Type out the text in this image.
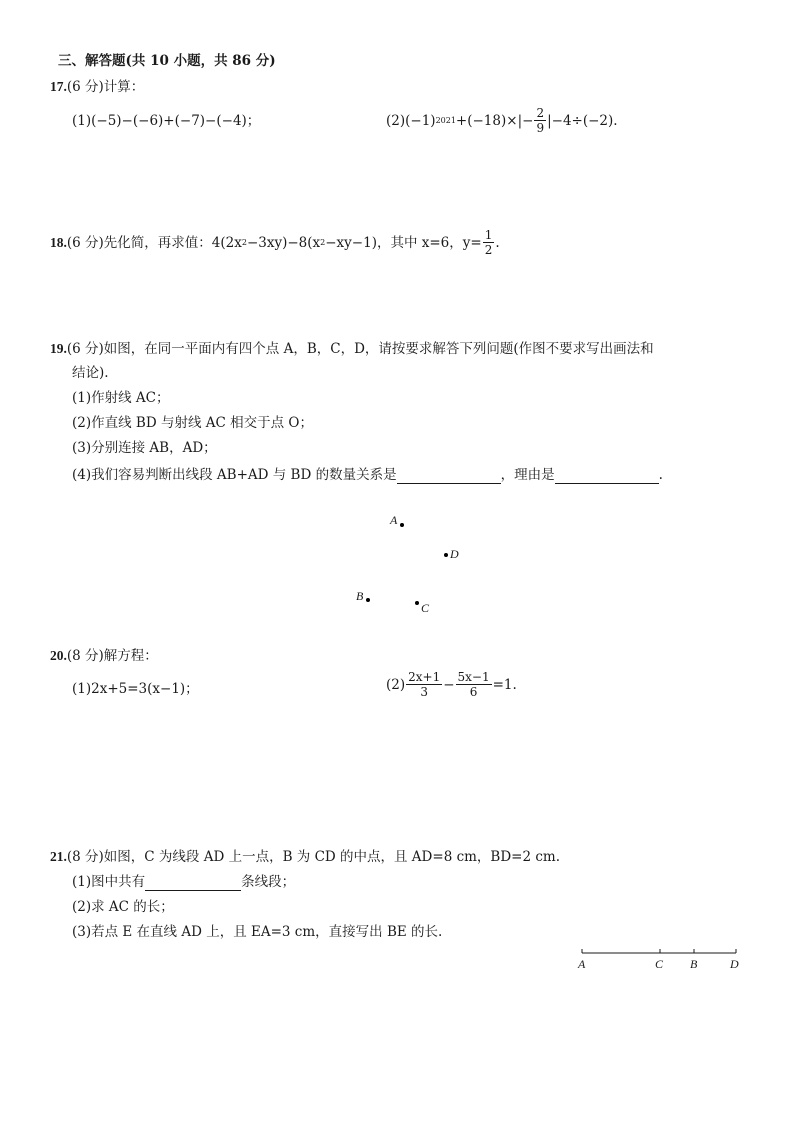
三、解答题(共 10 小题，共 86 分)
17.(6 分)计算：
(1)(−5)−(−6)+(−7)−(−4)；	(2)(−1) $2021 +(-18)\times|- \frac{2}{9} |-4\div(-2)$.
18. (6 分)先化简，再求值：4(2x 2 −3xy)−8(x 2 −xy−1)，其中 x=6，$y= \frac{1}{2}$ .
19.(6 分)如图，在同一平面内有四个点 A，B，C，D，请按要求解答下列问题(作图不要求写出画法和
结论).
(1)作射线 AC；
(2)作直线 BD 与射线 AC 相交于点 O；
(3)分别连接 AB，AD；
(4)我们容易判断出线段 AB+AD 与 BD 的数量关系是	，理由是	.
A
D
B
C
20.(8 分)解方程：
(1)2x+5=3(x−1)；	$(2) \frac{2x+1}{3} - \frac{5x-1}{6} =1$.
21.(8 分)如图，C 为线段 AD 上一点，B 为 CD 的中点，且 AD=8 cm，BD=2 cm.
(1)图中共有	条线段；
(2)求 AC 的长；
(3)若点 E 在直线 AD 上，且 EA=3 cm，直接写出 BE 的长.
A	C B	D
